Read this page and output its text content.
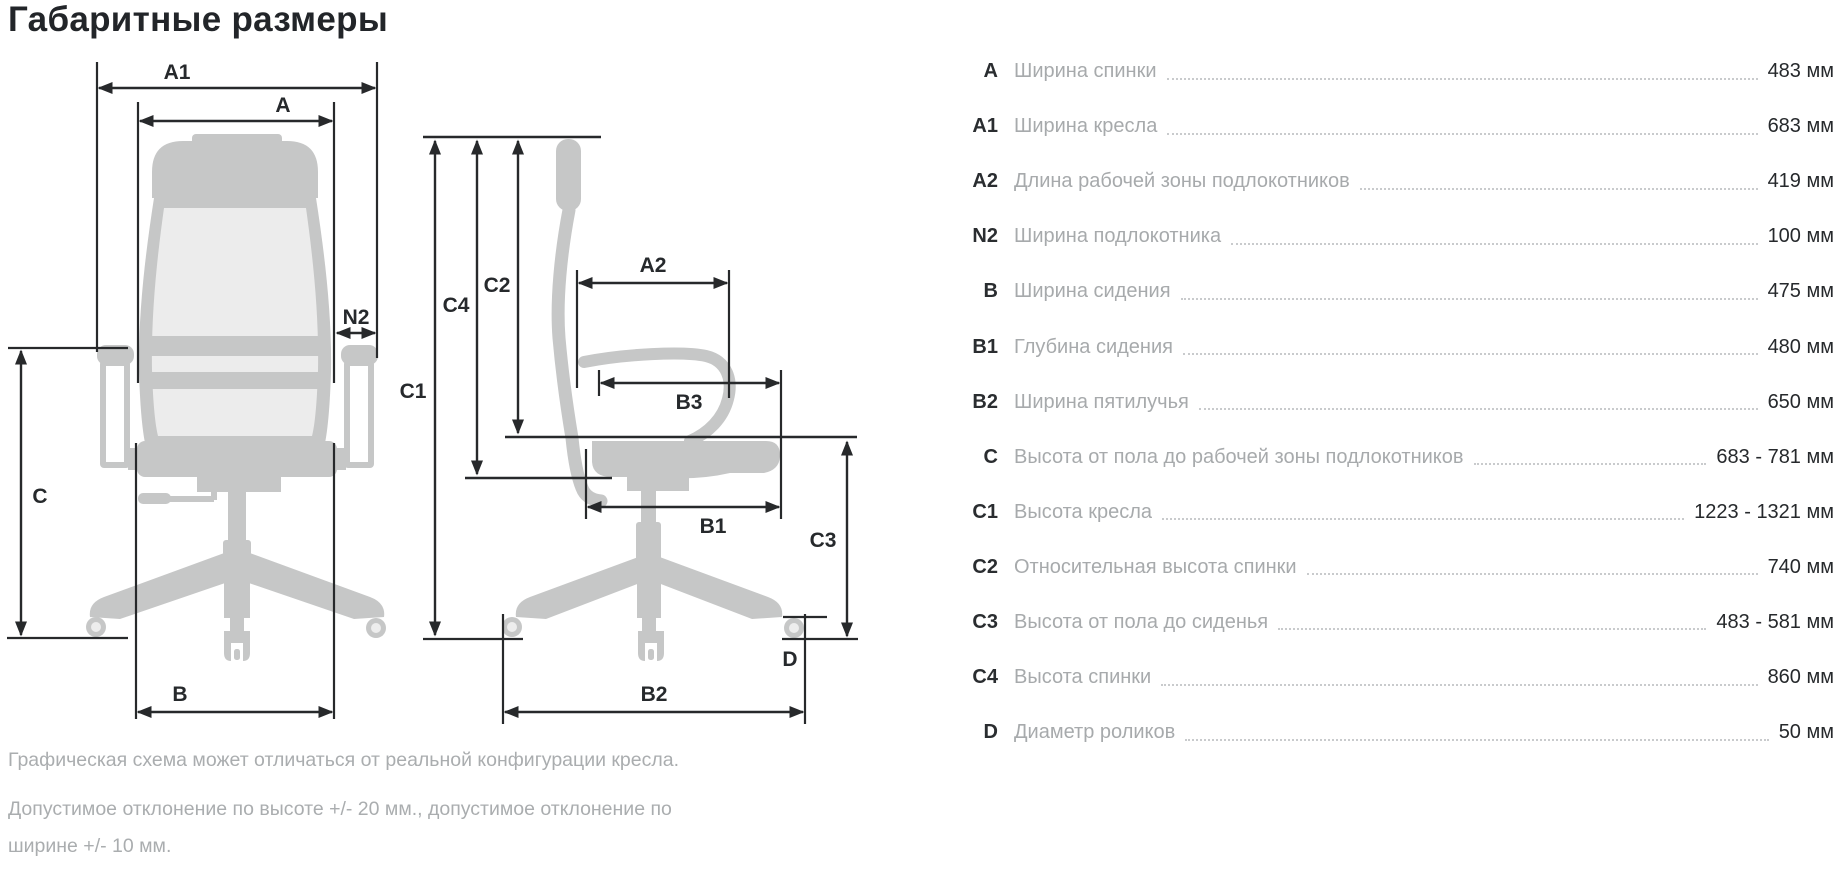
Габаритные размеры
A1
A
N2
C
B
C1
C4
C2
A2
B3
B1
C3
D
B2
A Ширина спинки	483 мм
A1 Ширина кресла	683 мм
A2 Длина рабочей зоны подлокотников	419 мм
N2 Ширина подлокотника	100 мм
B Ширина сидения	475 мм
B1 Глубина сидения	480 мм
B2 Ширина пятилучья	650 мм
C Высота от пола до рабочей зоны подлокотников	683 - 781 мм
C1 Высота кресла	1223 - 1321 мм
C2 Относительная высота спинки	740 мм
C3 Высота от пола до сиденья	483 - 581 мм
C4 Высота спинки	860 мм
D Диаметр роликов	50 мм

Графическая схема может отличаться от реальной конфигурации кресла.

Допустимое отклонение по высоте +/- 20 мм., допустимое отклонение по ширине +/- 10 мм.
